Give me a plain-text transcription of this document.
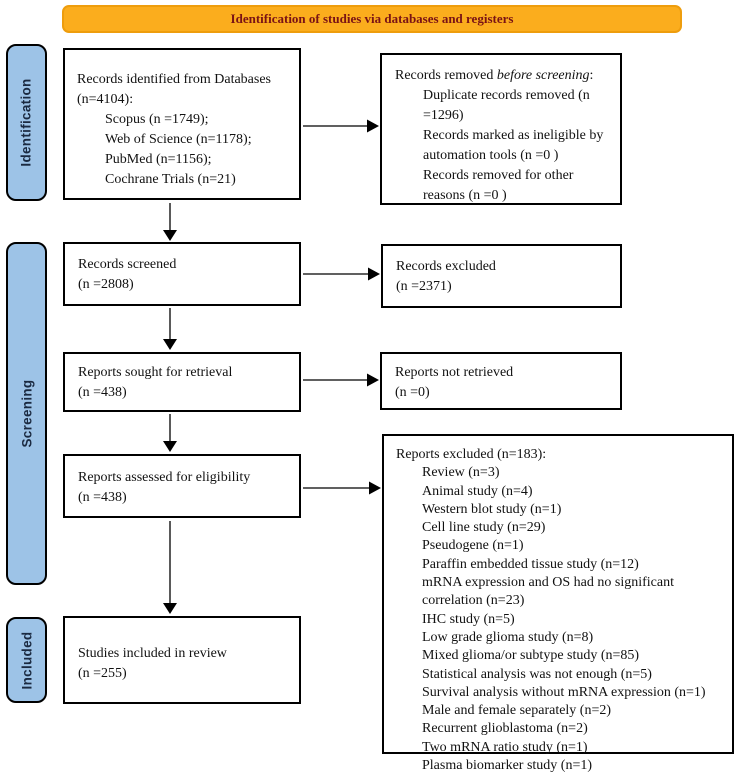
Identification of studies via databases and registers
Identification
Screening
Included
Records identified from Databases
(n=4104):
Scopus (n =1749);
Web of Science (n=1178);
PubMed (n=1156);
Cochrane Trials (n=21)
Records removed before screening:
Duplicate records removed (n
=1296)
Records marked as ineligible by
automation tools (n =0 )
Records removed for other
reasons (n =0 )
Records screened
(n =2808)
Records excluded
(n =2371)
Reports sought for retrieval
(n =438)
Reports not retrieved
(n =0)
Reports assessed for eligibility
(n =438)
Reports excluded (n=183):
Review (n=3)
Animal study (n=4)
Western blot study (n=1)
Cell line study (n=29)
Pseudogene (n=1)
Paraffin embedded tissue study (n=12)
mRNA expression and OS had no significant
correlation (n=23)
IHC study (n=5)
Low grade glioma study (n=8)
Mixed glioma/or subtype study (n=85)
Statistical analysis was not enough (n=5)
Survival analysis without mRNA expression (n=1)
Male and female separately (n=2)
Recurrent glioblastoma (n=2)
Two mRNA ratio study (n=1)
Plasma biomarker study (n=1)
Studies included in review
(n =255)
